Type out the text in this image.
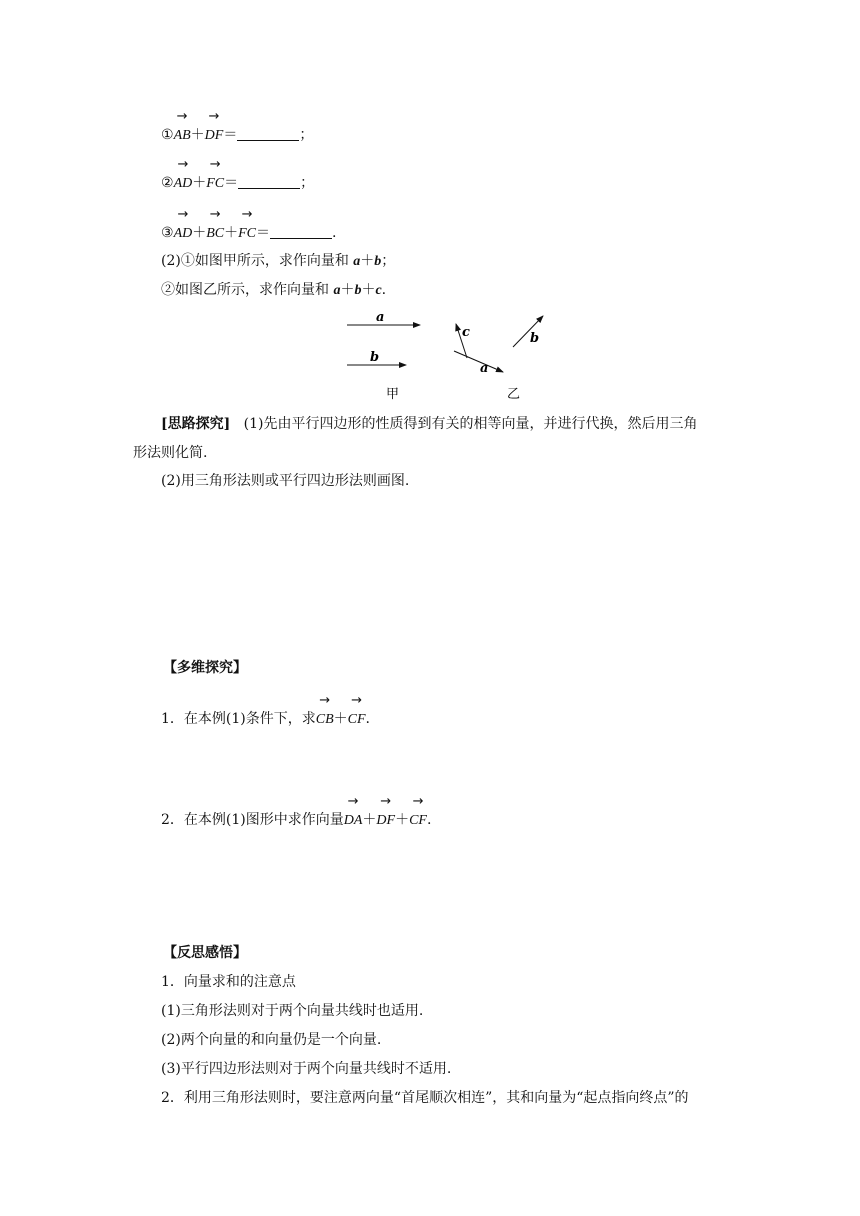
①
→
AB＋
→
DF＝	；
②
→
AD＋
→
FC＝	；
③
→
AD＋
→
BC＋
→
FC＝	.
(2)①如图甲所示，求作向量和 a＋b；
②如图乙所示，求作向量和 a＋b＋c.
a
b
甲
a
c	b
乙
[思路探究] (1)先由平行四边形的性质得到有关的相等向量，并进行代换，然后用三角
形法则化简.
(2)用三角形法则或平行四边形法则画图.
【多维探究】
1．在本例(1)条件下，求
→
CB＋
→
CF.
2．在本例(1)图形中求作向量
→
DA＋
→
DF＋
→
CF.
【反思感悟】
1．向量求和的注意点
(1)三角形法则对于两个向量共线时也适用.
(2)两个向量的和向量仍是一个向量.
(3)平行四边形法则对于两个向量共线时不适用.
2．利用三角形法则时，要注意两向量“首尾顺次相连”，其和向量为“起点指向终点”的
